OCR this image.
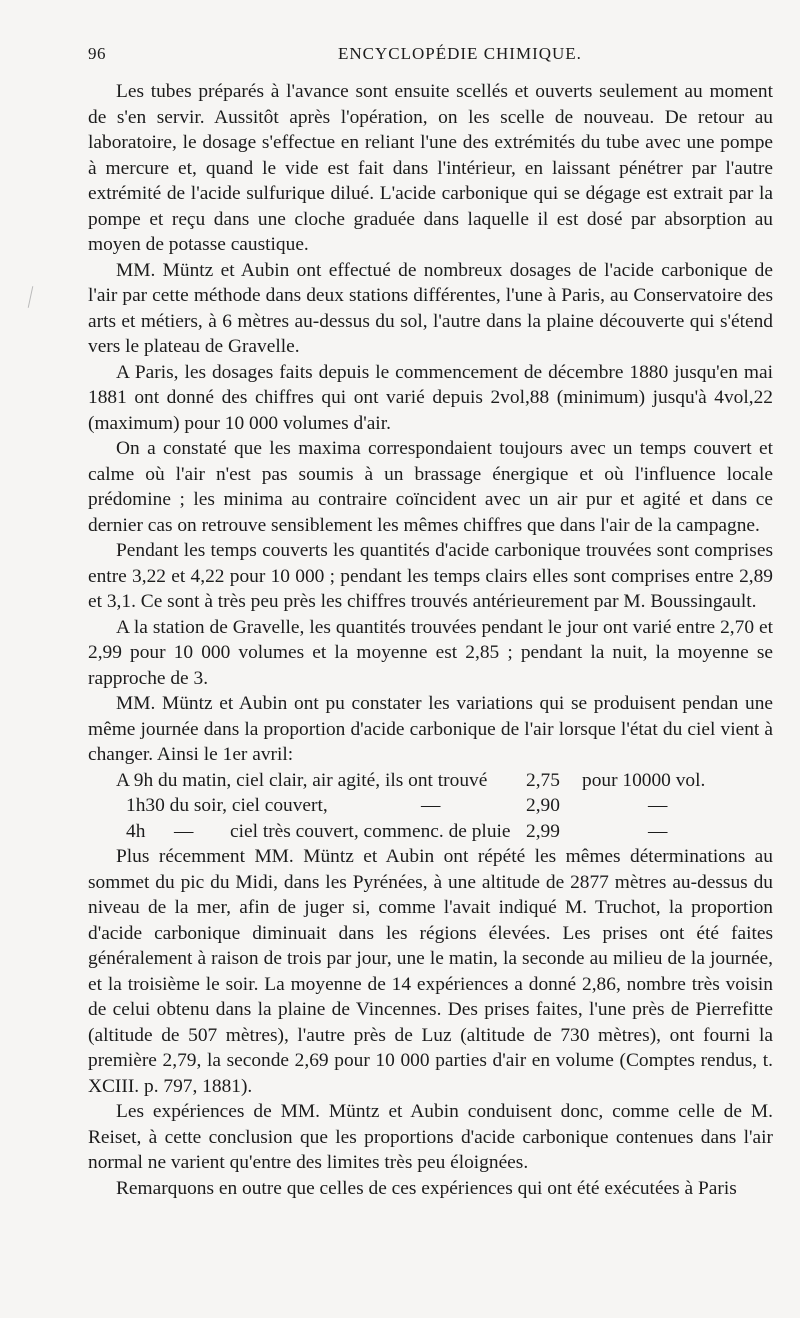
96	ENCYCLOPÉDIE CHIMIQUE.

Les tubes préparés à l'avance sont ensuite scellés et ouverts seulement au moment de s'en servir. Aussitôt après l'opération, on les scelle de nouveau. De retour au laboratoire, le dosage s'effectue en reliant l'une des extrémités du tube avec une pompe à mercure et, quand le vide est fait dans l'intérieur, en laissant pénétrer par l'autre extrémité de l'acide sulfurique dilué. L'acide carbonique qui se dégage est extrait par la pompe et reçu dans une cloche graduée dans laquelle il est dosé par absorption au moyen de potasse caustique.

MM. Müntz et Aubin ont effectué de nombreux dosages de l'acide carbonique de l'air par cette méthode dans deux stations différentes, l'une à Paris, au Conservatoire des arts et métiers, à 6 mètres au-dessus du sol, l'autre dans la plaine découverte qui s'étend vers le plateau de Gravelle.

A Paris, les dosages faits depuis le commencement de décembre 1880 jusqu'en mai 1881 ont donné des chiffres qui ont varié depuis 2vol,88 (minimum) jusqu'à 4vol,22 (maximum) pour 10 000 volumes d'air.

On a constaté que les maxima correspondaient toujours avec un temps couvert et calme où l'air n'est pas soumis à un brassage énergique et où l'influence locale prédomine ; les minima au contraire coïncident avec un air pur et agité et dans ce dernier cas on retrouve sensiblement les mêmes chiffres que dans l'air de la campagne.

Pendant les temps couverts les quantités d'acide carbonique trouvées sont comprises entre 3,22 et 4,22 pour 10 000 ; pendant les temps clairs elles sont comprises entre 2,89 et 3,1. Ce sont à très peu près les chiffres trouvés antérieurement par M. Boussingault.

A la station de Gravelle, les quantités trouvées pendant le jour ont varié entre 2,70 et 2,99 pour 10 000 volumes et la moyenne est 2,85 ; pendant la nuit, la moyenne se rapproche de 3.

MM. Müntz et Aubin ont pu constater les variations qui se produisent pendan une même journée dans la proportion d'acide carbonique de l'air lorsque l'état du ciel vient à changer. Ainsi le 1er avril:

A 9h du matin, ciel clair, air agité, ils ont trouvé 2,75 pour 10000 vol.
1h30 du soir, ciel couvert,	—	2,90	—
4h — ciel très couvert, commenc. de pluie 2,99	—

Plus récemment MM. Müntz et Aubin ont répété les mêmes déterminations au sommet du pic du Midi, dans les Pyrénées, à une altitude de 2877 mètres au-dessus du niveau de la mer, afin de juger si, comme l'avait indiqué M. Truchot, la proportion d'acide carbonique diminuait dans les régions élevées. Les prises ont été faites généralement à raison de trois par jour, une le matin, la seconde au milieu de la journée, et la troisième le soir. La moyenne de 14 expériences a donné 2,86, nombre très voisin de celui obtenu dans la plaine de Vincennes. Des prises faites, l'une près de Pierrefitte (altitude de 507 mètres), l'autre près de Luz (altitude de 730 mètres), ont fourni la première 2,79, la seconde 2,69 pour 10 000 parties d'air en volume (Comptes rendus, t. XCIII. p. 797, 1881).

Les expériences de MM. Müntz et Aubin conduisent donc, comme celle de M. Reiset, à cette conclusion que les proportions d'acide carbonique contenues dans l'air normal ne varient qu'entre des limites très peu éloignées.

Remarquons en outre que celles de ces expériences qui ont été exécutées à Paris
